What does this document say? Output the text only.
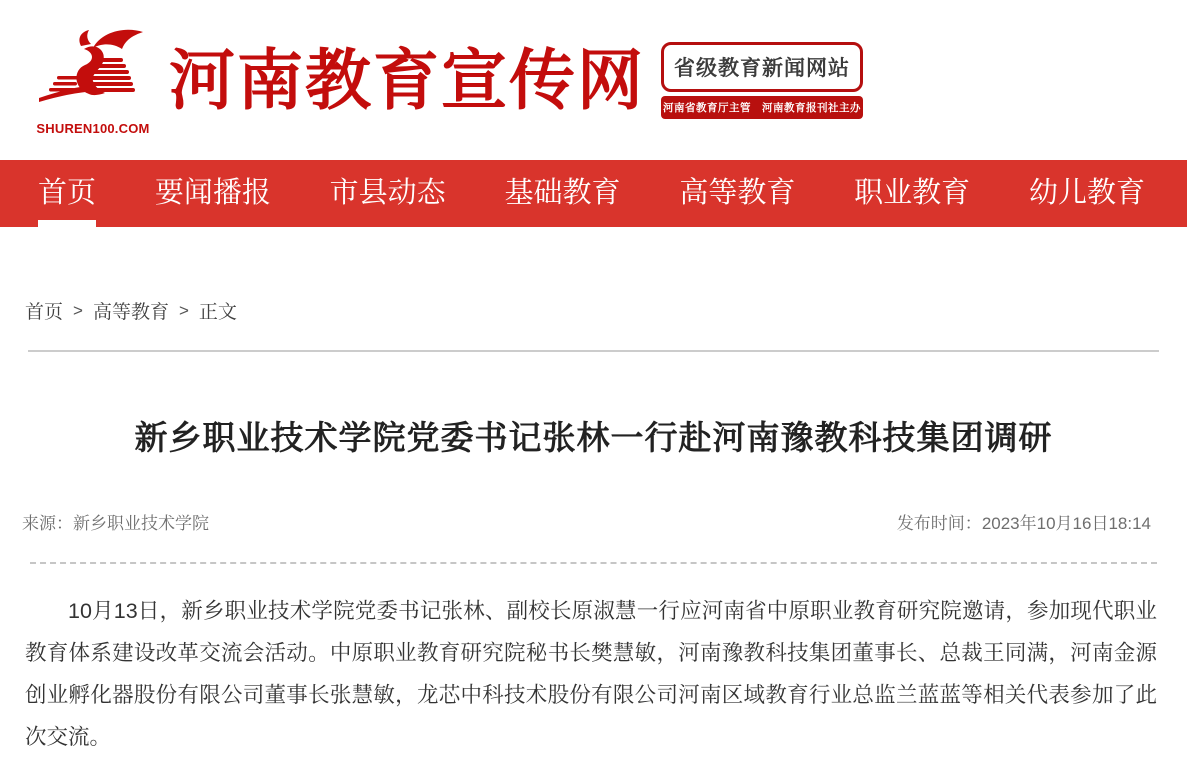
SHUREN100.COM
河南教育宣传网	省级教育新闻网站
河南省教育厅主管　河南教育报刊社主办
首页 要闻播报 市县动态 基础教育 高等教育 职业教育 幼儿教育
首页 > 高等教育 > 正文
新乡职业技术学院党委书记张林一行赴河南豫教科技集团调研
来源：新乡职业技术学院	发布时间：2023年10月16日18:14

10月13日，新乡职业技术学院党委书记张林、副校长原淑慧一行应河南省中原职业教育研究院邀请，参加现代职业教育体系建设改革交流会活动。中原职业教育研究院秘书长樊慧敏，河南豫教科技集团董事长、总裁王同满，河南金源创业孵化器股份有限公司董事长张慧敏，龙芯中科技术股份有限公司河南区域教育行业总监兰蓝蓝等相关代表参加了此次交流。
